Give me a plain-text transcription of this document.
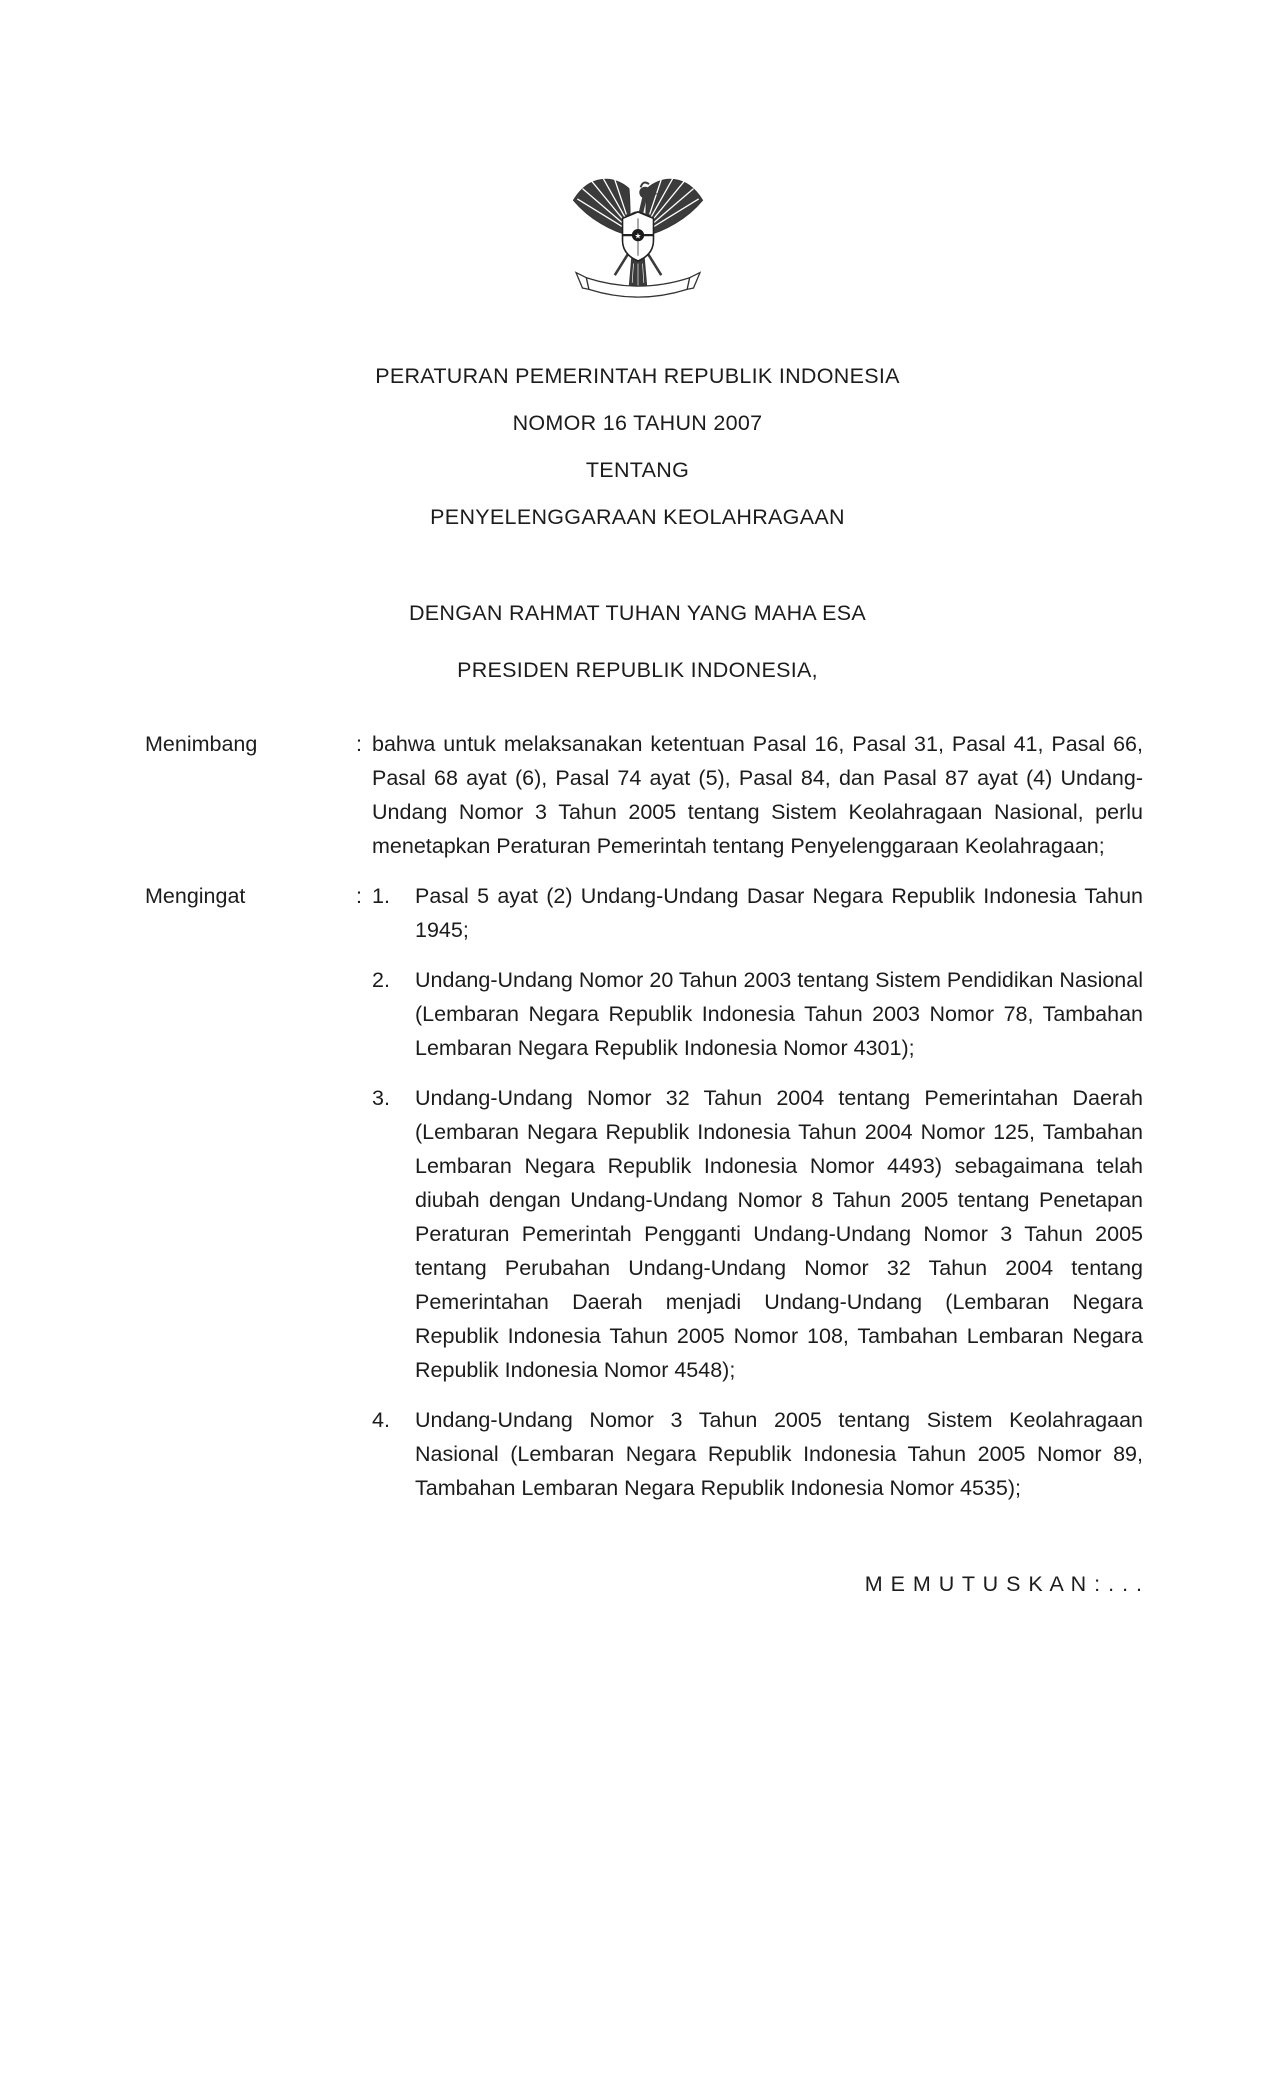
★
PERATURAN PEMERINTAH REPUBLIK INDONESIA
NOMOR 16 TAHUN 2007
TENTANG
PENYELENGGARAAN KEOLAHRAGAAN
DENGAN RAHMAT TUHAN YANG MAHA ESA
PRESIDEN REPUBLIK INDONESIA,
Menimbang	: bahwa untuk melaksanakan ketentuan Pasal 16, Pasal 31, Pasal 41, Pasal 66, Pasal 68 ayat (6), Pasal 74 ayat (5), Pasal 84, dan Pasal 87 ayat (4) Undang-Undang Nomor 3 Tahun 2005 tentang Sistem Keolahragaan Nasional, perlu menetapkan Peraturan Pemerintah tentang Penyelenggaraan Keolahragaan;
Mengingat	: 1.	Pasal 5 ayat (2) Undang-Undang Dasar Negara Republik Indonesia Tahun 1945;
2.	Undang-Undang Nomor 20 Tahun 2003 tentang Sistem Pendidikan Nasional (Lembaran Negara Republik Indonesia Tahun 2003 Nomor 78, Tambahan Lembaran Negara Republik Indonesia Nomor 4301);
3.	Undang-Undang Nomor 32 Tahun 2004 tentang Pemerintahan Daerah (Lembaran Negara Republik Indonesia Tahun 2004 Nomor 125, Tambahan Lembaran Negara Republik Indonesia Nomor 4493) sebagaimana telah diubah dengan Undang-Undang Nomor 8 Tahun 2005 tentang Penetapan Peraturan Pemerintah Pengganti Undang-Undang Nomor 3 Tahun 2005 tentang Perubahan Undang-Undang Nomor 32 Tahun 2004 tentang Pemerintahan Daerah menjadi Undang-Undang (Lembaran Negara Republik Indonesia Tahun 2005 Nomor 108, Tambahan Lembaran Negara Republik Indonesia Nomor 4548);
4.	Undang-Undang Nomor 3 Tahun 2005 tentang Sistem Keolahragaan Nasional (Lembaran Negara Republik Indonesia Tahun 2005 Nomor 89, Tambahan Lembaran Negara Republik Indonesia Nomor 4535);
M E M U T U S K A N : . . .
